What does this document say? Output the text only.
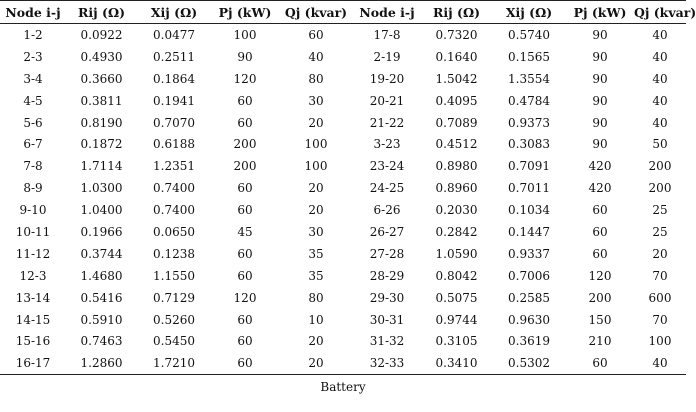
Node i-j	Rij (Ω)	Xij (Ω)	Pj (kW)	Qj (kvar)	Node i-j	Rij (Ω)	Xij (Ω)	Pj (kW)	Qj (kvar)
1-2	0.0922	0.0477	100	60	17-8	0.7320	0.5740	90	40
2-3	0.4930	0.2511	90	40	2-19	0.1640	0.1565	90	40
3-4	0.3660	0.1864	120	80	19-20	1.5042	1.3554	90	40
4-5	0.3811	0.1941	60	30	20-21	0.4095	0.4784	90	40
5-6	0.8190	0.7070	60	20	21-22	0.7089	0.9373	90	40
6-7	0.1872	0.6188	200	100	3-23	0.4512	0.3083	90	50
7-8	1.7114	1.2351	200	100	23-24	0.8980	0.7091	420	200
8-9	1.0300	0.7400	60	20	24-25	0.8960	0.7011	420	200
9-10	1.0400	0.7400	60	20	6-26	0.2030	0.1034	60	25
10-11	0.1966	0.0650	45	30	26-27	0.2842	0.1447	60	25
11-12	0.3744	0.1238	60	35	27-28	1.0590	0.9337	60	20
12-3	1.4680	1.1550	60	35	28-29	0.8042	0.7006	120	70
13-14	0.5416	0.7129	120	80	29-30	0.5075	0.2585	200	600
14-15	0.5910	0.5260	60	10	30-31	0.9744	0.9630	150	70
15-16	0.7463	0.5450	60	20	31-32	0.3105	0.3619	210	100
16-17	1.2860	1.7210	60	20	32-33	0.3410	0.5302	60	40
Battery
